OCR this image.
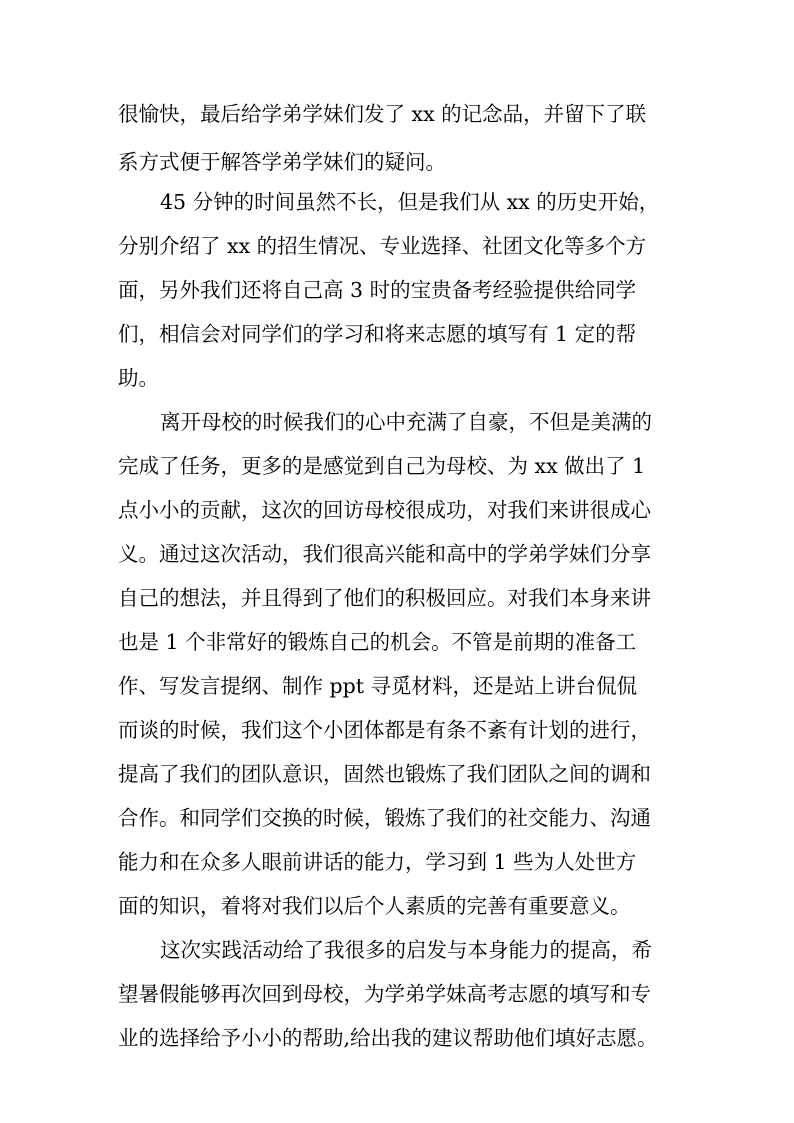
很愉快，最后给学弟学妹们发了 xx 的记念品，并留下了联
系方式便于解答学弟学妹们的疑问。
45 分钟的时间虽然不长，但是我们从 xx 的历史开始，
分别介绍了 xx 的招生情况、专业选择、社团文化等多个方
面，另外我们还将自己高 3 时的宝贵备考经验提供给同学
们，相信会对同学们的学习和将来志愿的填写有 1 定的帮
助。
离开母校的时候我们的心中充满了自豪，不但是美满的
完成了任务，更多的是感觉到自己为母校、为 xx 做出了 1
点小小的贡献，这次的回访母校很成功，对我们来讲很成心
义。通过这次活动，我们很高兴能和高中的学弟学妹们分享
自己的想法，并且得到了他们的积极回应。对我们本身来讲
也是 1 个非常好的锻炼自己的机会。不管是前期的准备工
作、写发言提纲、制作 ppt 寻觅材料，还是站上讲台侃侃
而谈的时候，我们这个小团体都是有条不紊有计划的进行，
提高了我们的团队意识，固然也锻炼了我们团队之间的调和
合作。和同学们交换的时候，锻炼了我们的社交能力、沟通
能力和在众多人眼前讲话的能力，学习到 1 些为人处世方
面的知识，着将对我们以后个人素质的完善有重要意义。
这次实践活动给了我很多的启发与本身能力的提高，希
望暑假能够再次回到母校，为学弟学妹高考志愿的填写和专
业的选择给予小小的帮助,给出我的建议帮助他们填好志愿。
